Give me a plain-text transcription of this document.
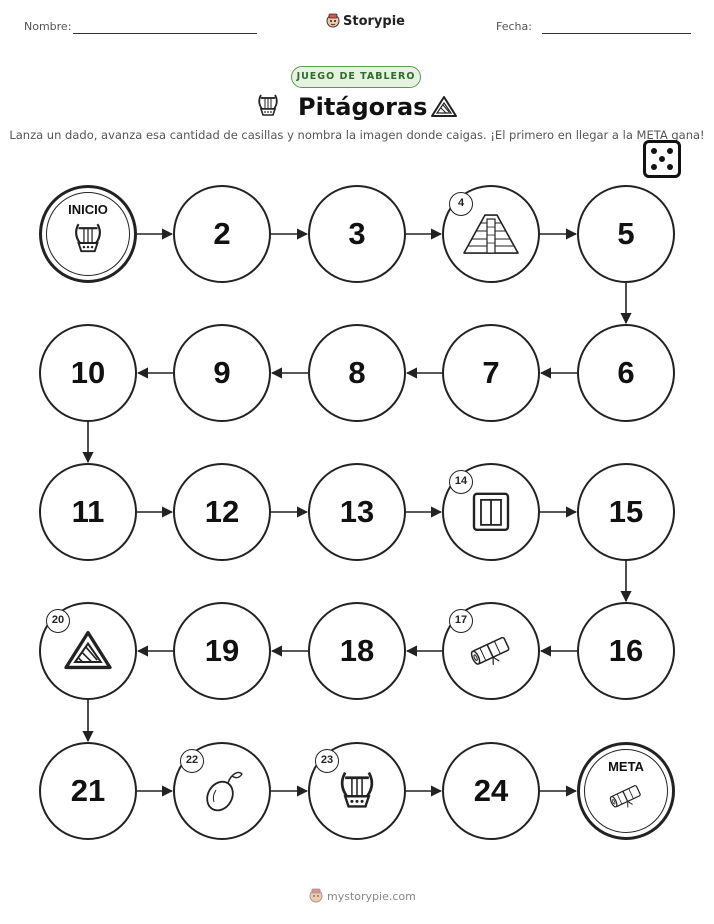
Nombre:	Storypie	Fecha:
JUEGO DE TABLERO
Pitágoras
Lanza un dado, avanza esa cantidad de casillas y nombra la imagen donde caigas. ¡El primero en llegar a la META gana!
INICIO
2	3
4
5
6
7
8
9
10
11	12	13
14
15
16
17
18
19
20
21
22	23
24
META
mystorypie.com
